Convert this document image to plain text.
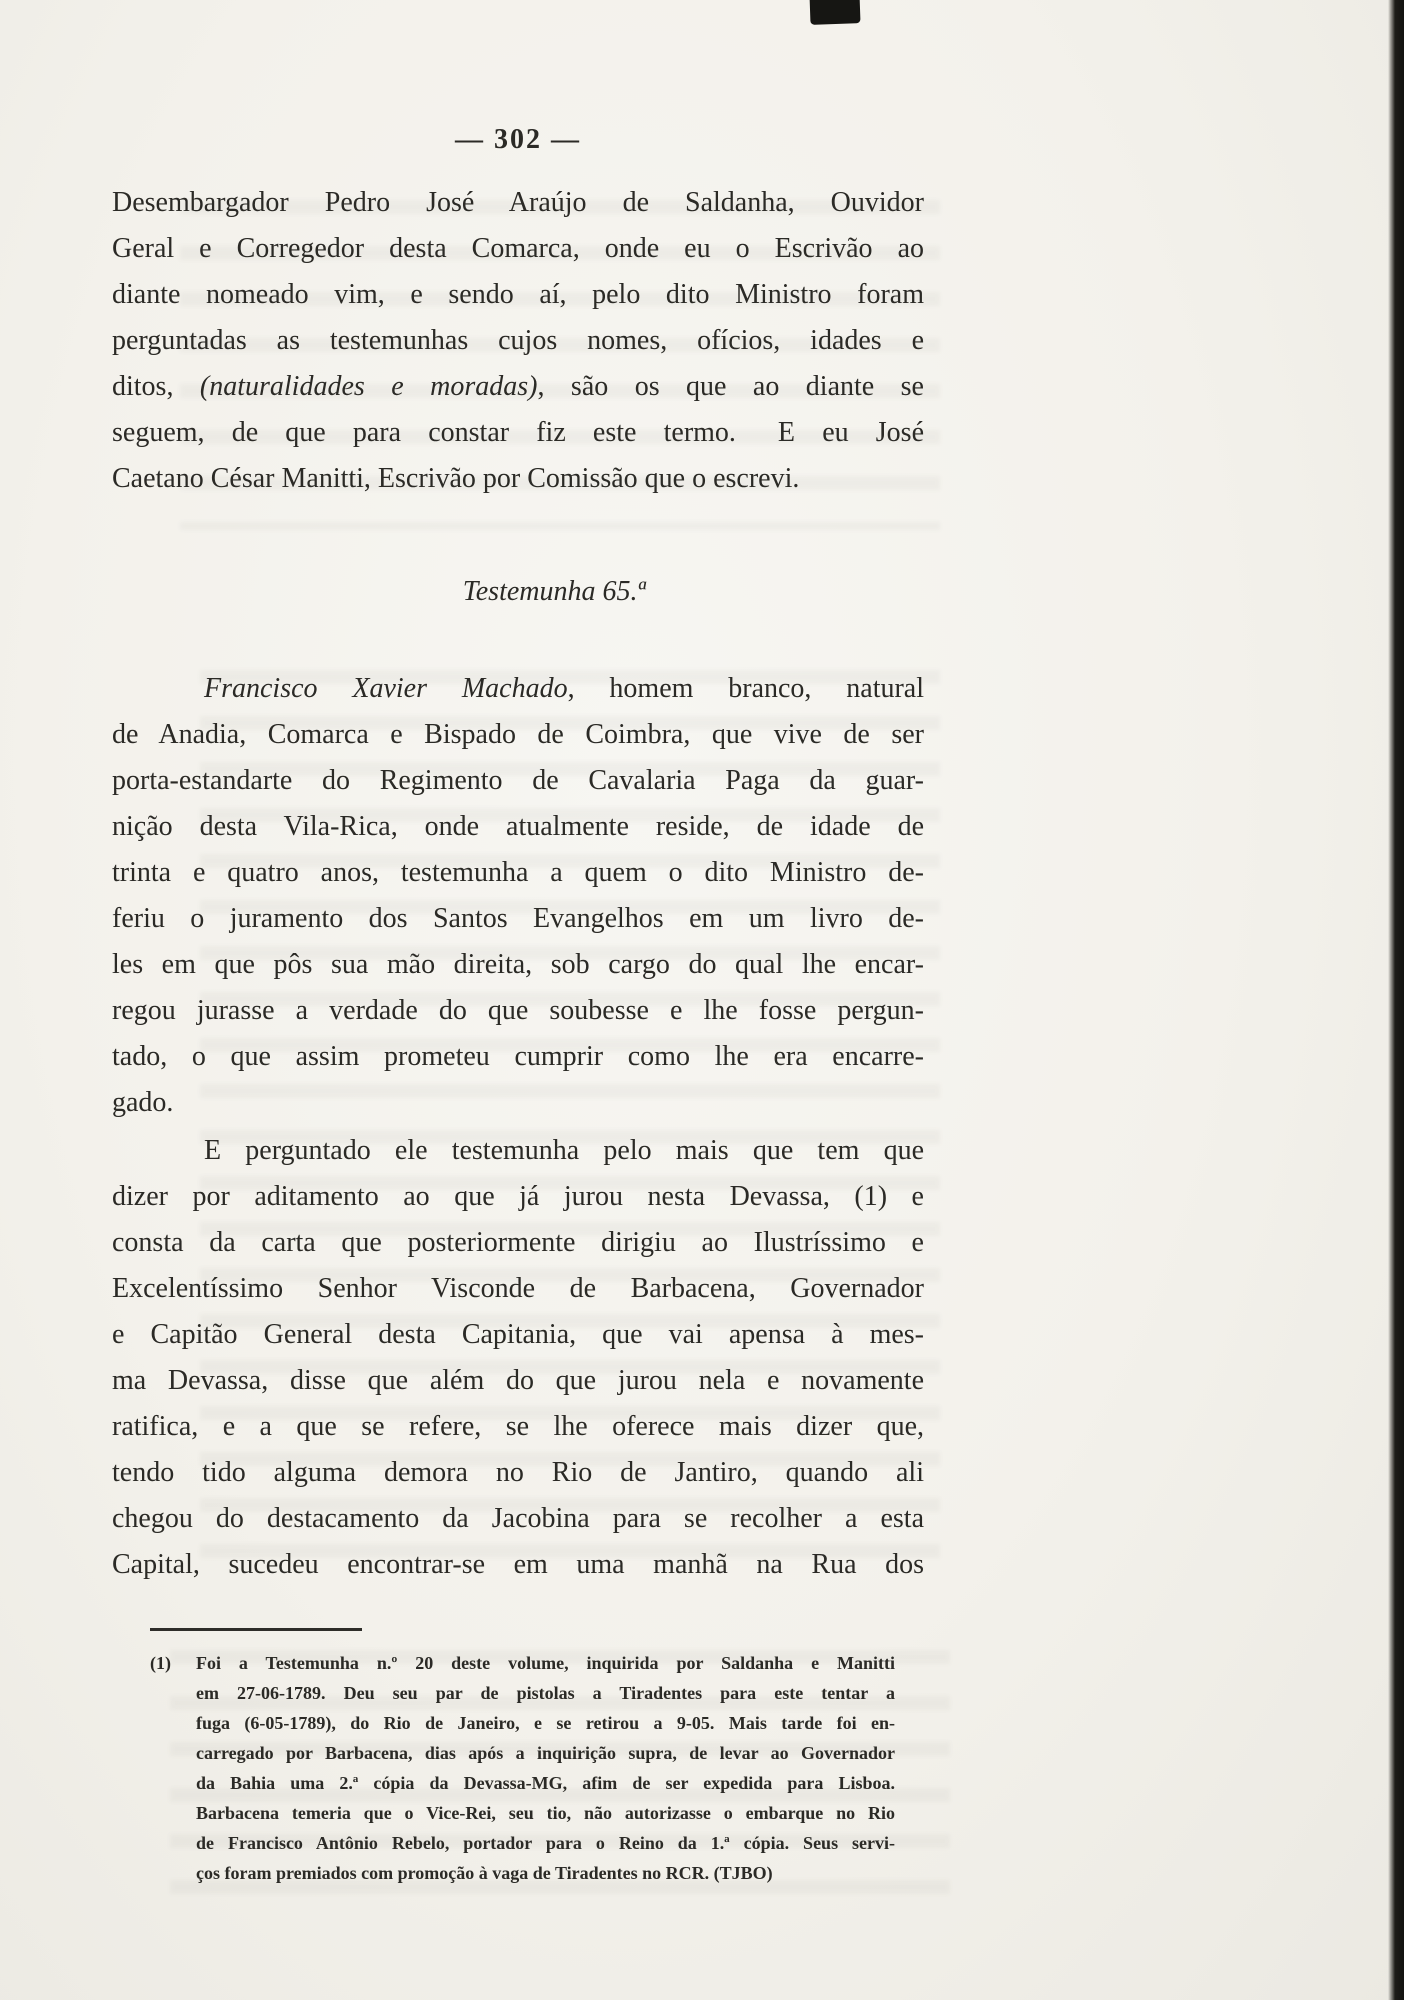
— 302 —
Desembargador Pedro José Araújo de Saldanha, Ouvidor
Geral e Corregedor desta Comarca, onde eu o Escrivão ao
diante nomeado vim, e sendo aí, pelo dito Ministro foram
perguntadas as testemunhas cujos nomes, ofícios, idades e
ditos, (naturalidades e moradas), são os que ao diante se
seguem, de que para constar fiz este termo.  E eu José
Caetano César Manitti, Escrivão por Comissão que o escrevi.
Testemunha 65.ª
Francisco Xavier Machado, homem branco, natural
de Anadia, Comarca e Bispado de Coimbra, que vive de ser
porta-estandarte do Regimento de Cavalaria Paga da guar-
nição desta Vila-Rica, onde atualmente reside, de idade de
trinta e quatro anos, testemunha a quem o dito Ministro de-
feriu o juramento dos Santos Evangelhos em um livro de-
les em que pôs sua mão direita, sob cargo do qual lhe encar-
regou jurasse a verdade do que soubesse e lhe fosse pergun-
tado, o que assim prometeu cumprir como lhe era encarre-
gado.
E perguntado ele testemunha pelo mais que tem que
dizer por aditamento ao que já jurou nesta Devassa, (1) e
consta da carta que posteriormente dirigiu ao Ilustríssimo e
Excelentíssimo Senhor Visconde de Barbacena, Governador
e Capitão General desta Capitania, que vai apensa à mes-
ma Devassa, disse que além do que jurou nela e novamente
ratifica, e a que se refere, se lhe oferece mais dizer que,
tendo tido alguma demora no Rio de Jantiro, quando ali
chegou do destacamento da Jacobina para se recolher a esta
Capital, sucedeu encontrar-se em uma manhã na Rua dos
(1) Foi a Testemunha n.º 20 deste volume, inquirida por Saldanha e Manitti
em 27-06-1789. Deu seu par de pistolas a Tiradentes para este tentar a
fuga (6-05-1789), do Rio de Janeiro, e se retirou a 9-05. Mais tarde foi en-
carregado por Barbacena, dias após a inquirição supra, de levar ao Governador
da Bahia uma 2.ª cópia da Devassa-MG, afim de ser expedida para Lisboa.
Barbacena temeria que o Vice-Rei, seu tio, não autorizasse o embarque no Rio
de Francisco Antônio Rebelo, portador para o Reino da 1.ª cópia. Seus servi-
ços foram premiados com promoção à vaga de Tiradentes no RCR. (TJBO)
